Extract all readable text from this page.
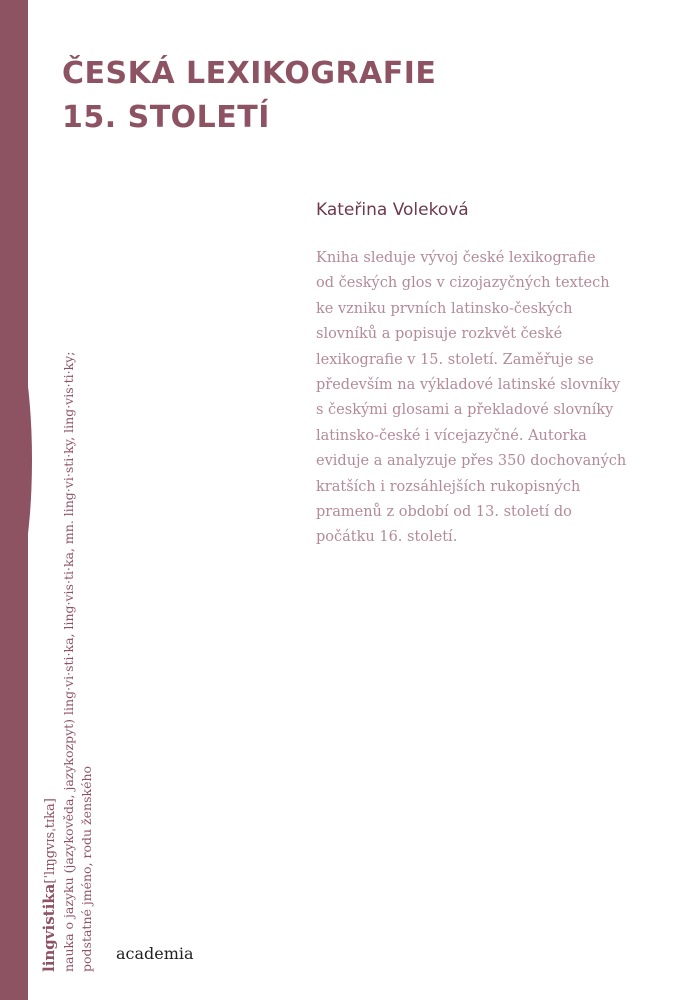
ČESKÁ LEXIKOGRAFIE
15. STOLETÍ
Kateřina Voleková
Kniha sleduje vývoj české lexikografie
od českých glos v cizojazyčných textech
ke vzniku prvních latinsko-českých
slovníků a popisuje rozkvět české
lexikografie v 15. století. Zaměřuje se
především na výkladové latinské slovníky
s českými glosami a překladové slovníky
latinsko-české i vícejazyčné. Autorka
eviduje a analyzuje přes 350 dochovaných
kratších i rozsáhlejších rukopisných
pramenů z období od 13. století do
počátku 16. století.
lingvistika[ˈlɪŋgvɪsˌtɪka] nauka o jazyku (jazykověda, jazykozpyt) ling·vi·sti·ka, ling·vis·ti·ka, mn. ling·vi·sti·ky, ling·vis·ti·ky; podstatné jméno, rodu ženského academia
